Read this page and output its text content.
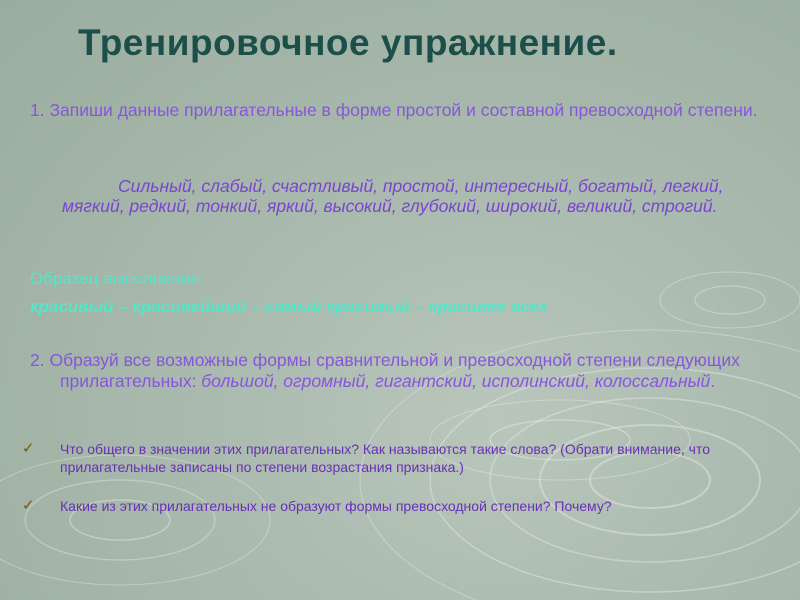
Тренировочное упражнение.
1. Запиши данные прилагательные в форме простой и составной превосходной степени.
Сильный, слабый, счастливый, простой, интересный, богатый, легкий, мягкий, редкий, тонкий, яркий, высокий, глубокий, широкий, великий, строгий.
Образец выполнения:
красивый – красивейший – самый красивый – красивее всех
2. Образуй все возможные формы сравнительной и превосходной степени следующих прилагательных: большой, огромный, гигантский, исполинский, колоссальный.
✓ Что общего в значении этих прилагательных? Как называются такие слова? (Обрати внимание, что прилагательные записаны по степени возрастания признака.)
✓ Какие из этих прилагательных не образуют формы превосходной степени? Почему?
